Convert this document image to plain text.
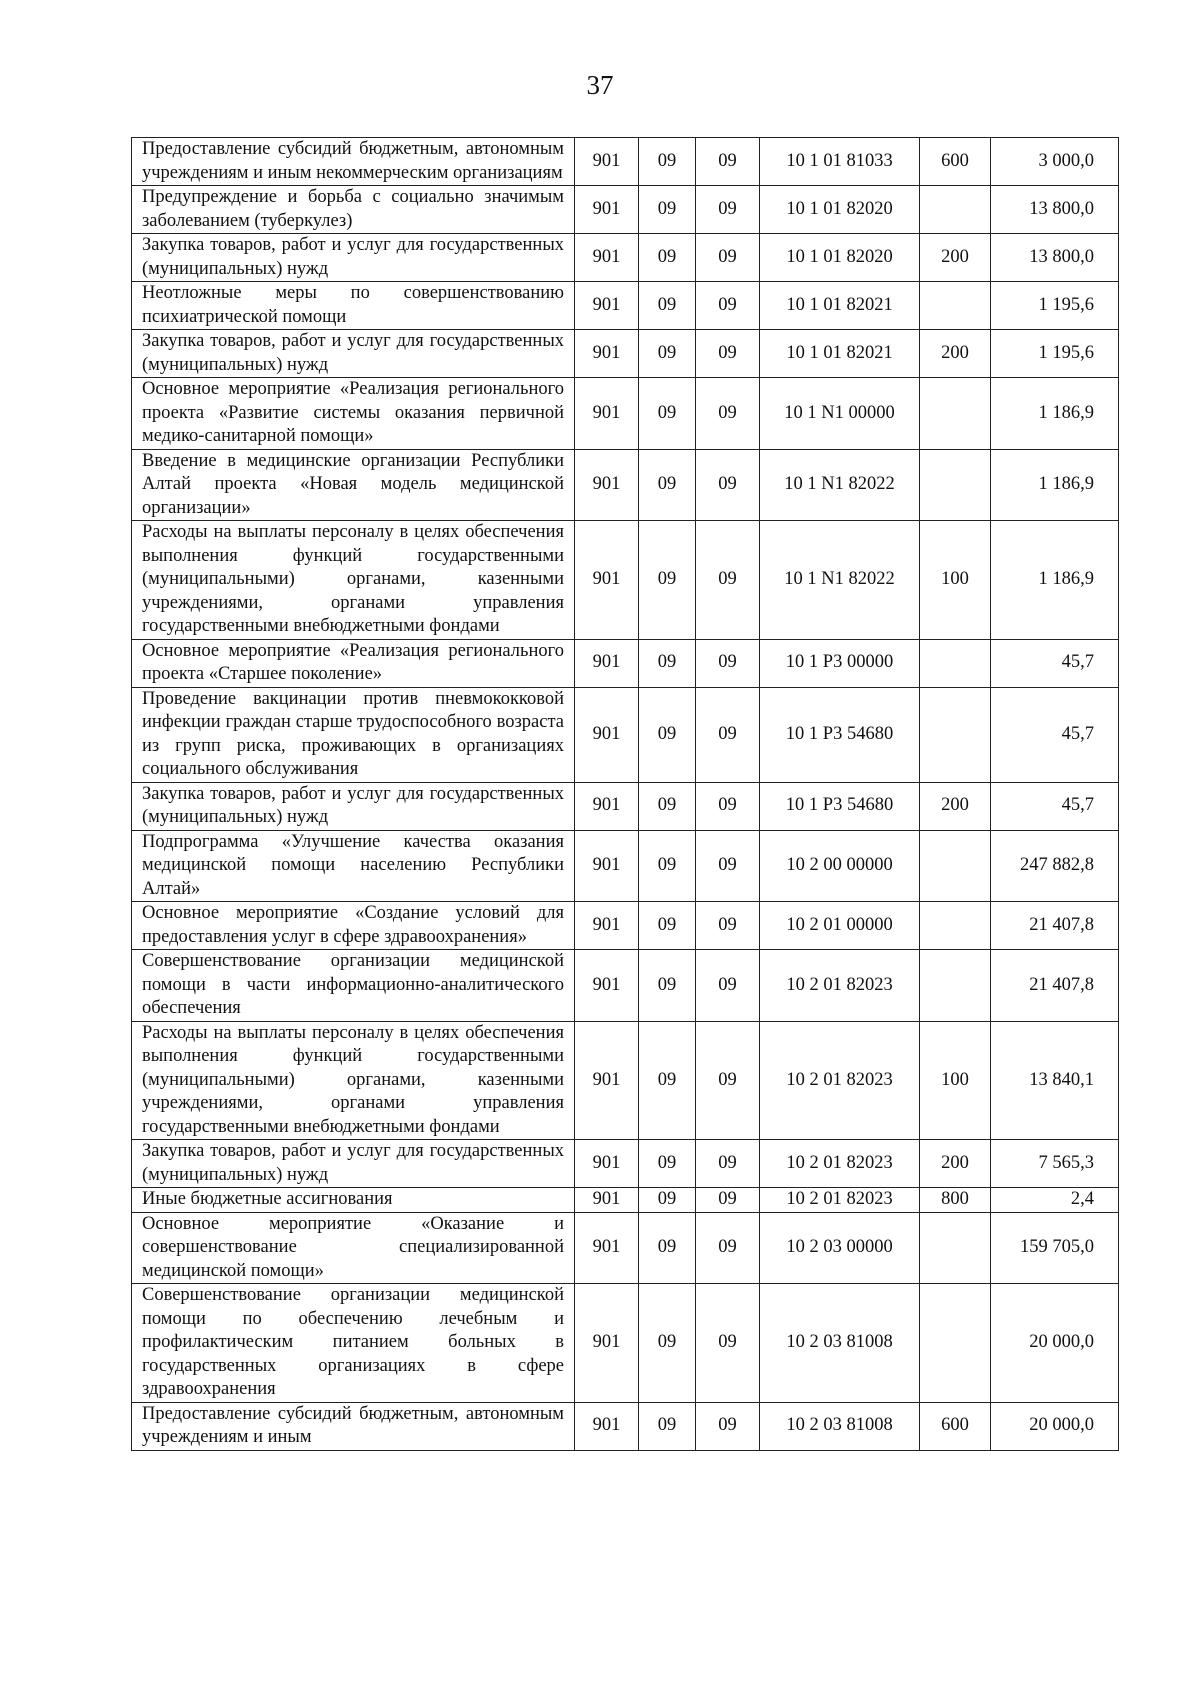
37
Предоставление субсидий бюджетным, автономным учреждениям и иным некоммерческим организациям	901	09	09	10 1 01 81033	600	3 000,0
Предупреждение и борьба с социально значимым заболеванием (туберкулез)	901	09	09	10 1 01 82020		13 800,0
Закупка товаров, работ и услуг для государственных (муниципальных) нужд	901	09	09	10 1 01 82020	200	13 800,0
Неотложные меры по совершенствованию психиатрической помощи	901	09	09	10 1 01 82021		1 195,6
Закупка товаров, работ и услуг для государственных (муниципальных) нужд	901	09	09	10 1 01 82021	200	1 195,6
Основное мероприятие «Реализация регионального проекта «Развитие системы оказания первичной медико-санитарной помощи»	901	09	09	10 1 N1 00000		1 186,9
Введение в медицинские организации Республики Алтай проекта «Новая модель медицинской организации»	901	09	09	10 1 N1 82022		1 186,9
Расходы на выплаты персоналу в целях обеспечения выполнения функций государственными (муниципальными) органами, казенными учреждениями, органами управления государственными внебюджетными фондами	901	09	09	10 1 N1 82022	100	1 186,9
Основное мероприятие «Реализация регионального проекта «Старшее поколение»	901	09	09	10 1 P3 00000		45,7
Проведение вакцинации против пневмококковой инфекции граждан старше трудоспособного возраста из групп риска, проживающих в организациях социального обслуживания	901	09	09	10 1 P3 54680		45,7
Закупка товаров, работ и услуг для государственных (муниципальных) нужд	901	09	09	10 1 P3 54680	200	45,7
Подпрограмма «Улучшение качества оказания медицинской помощи населению Республики Алтай»	901	09	09	10 2 00 00000		247 882,8
Основное мероприятие «Создание условий для предоставления услуг в сфере здравоохранения»	901	09	09	10 2 01 00000		21 407,8
Совершенствование организации медицинской помощи в части информационно-аналитического обеспечения	901	09	09	10 2 01 82023		21 407,8
Расходы на выплаты персоналу в целях обеспечения выполнения функций государственными (муниципальными) органами, казенными учреждениями, органами управления государственными внебюджетными фондами	901	09	09	10 2 01 82023	100	13 840,1
Закупка товаров, работ и услуг для государственных (муниципальных) нужд	901	09	09	10 2 01 82023	200	7 565,3
Иные бюджетные ассигнования	901	09	09	10 2 01 82023	800	2,4
Основное мероприятие «Оказание и совершенствование специализированной медицинской помощи»	901	09	09	10 2 03 00000		159 705,0
Совершенствование организации медицинской помощи по обеспечению лечебным и профилактическим питанием больных в государственных организациях в сфере здравоохранения	901	09	09	10 2 03 81008		20 000,0
Предоставление субсидий бюджетным, автономным учреждениям и иным	901	09	09	10 2 03 81008	600	20 000,0
